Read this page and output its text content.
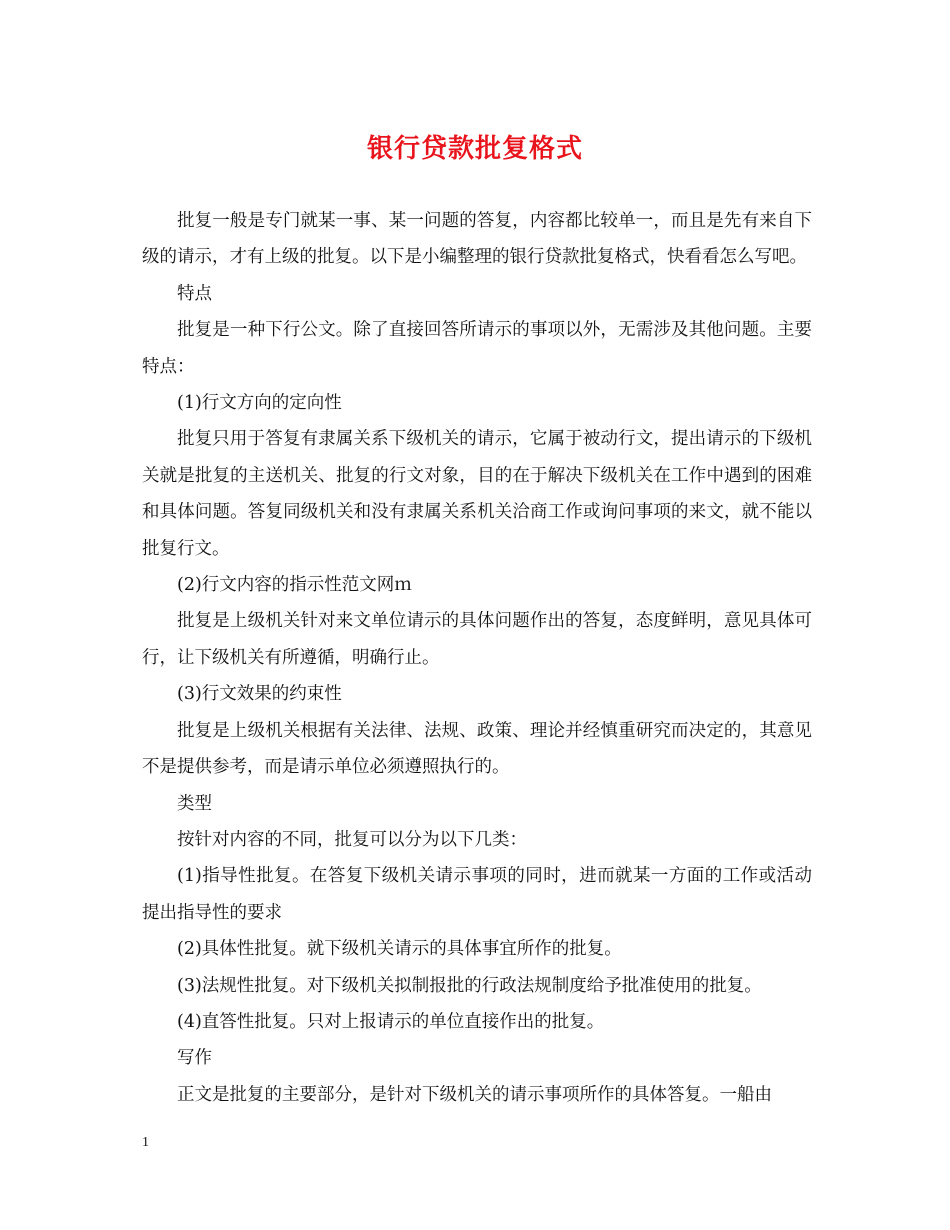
银行贷款批复格式

批复一般是专门就某一事、某一问题的答复，内容都比较单一，而且是先有来自下级的请示，才有上级的批复。以下是小编整理的银行贷款批复格式，快看看怎么写吧。

特点

批复是一种下行公文。除了直接回答所请示的事项以外，无需涉及其他问题。主要特点：

(1)行文方向的定向性

批复只用于答复有隶属关系下级机关的请示，它属于被动行文，提出请示的下级机关就是批复的主送机关、批复的行文对象，目的在于解决下级机关在工作中遇到的困难和具体问题。答复同级机关和没有隶属关系机关洽商工作或询问事项的来文，就不能以批复行文。

(2)行文内容的指示性范文网ｍ

批复是上级机关针对来文单位请示的具体问题作出的答复，态度鲜明，意见具体可行，让下级机关有所遵循，明确行止。

(3)行文效果的约束性

批复是上级机关根据有关法律、法规、政策、理论并经慎重研究而决定的，其意见不是提供参考，而是请示单位必须遵照执行的。

类型

按针对内容的不同，批复可以分为以下几类：

(1)指导性批复。在答复下级机关请示事项的同时，进而就某一方面的工作或活动提出指导性的要求

(2)具体性批复。就下级机关请示的具体事宜所作的批复。

(3)法规性批复。对下级机关拟制报批的行政法规制度给予批准使用的批复。

(4)直答性批复。只对上报请示的单位直接作出的批复。

写作

正文是批复的主要部分，是针对下级机关的请示事项所作的具体答复。一船由

1
